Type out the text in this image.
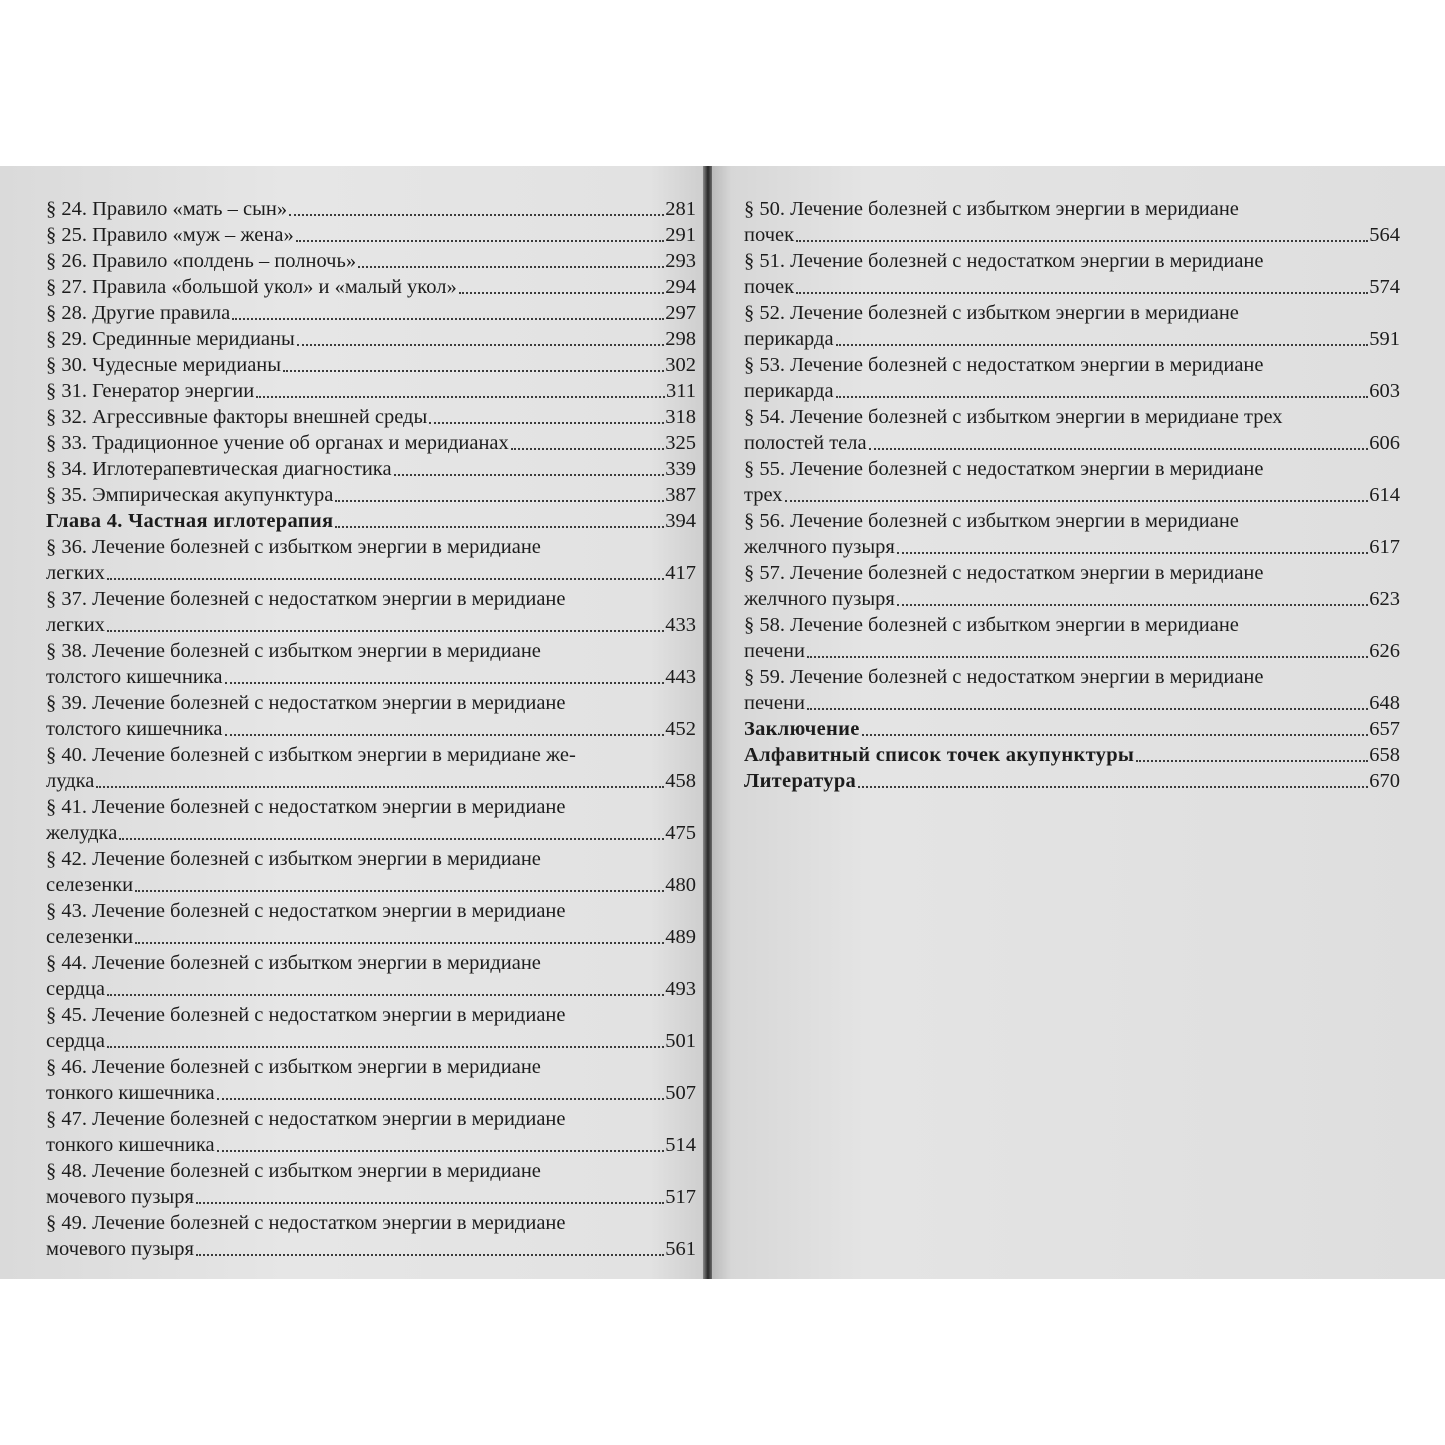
§ 24. Правило «мать – сын»	281
§ 25. Правило «муж – жена»	291
§ 26. Правило «полдень – полночь»	293
§ 27. Правила «большой укол» и «малый укол»	294
§ 28. Другие правила	297
§ 29. Срединные меридианы	298
§ 30. Чудесные меридианы	302
§ 31. Генератор энергии	311
§ 32. Агрессивные факторы внешней среды	318
§ 33. Традиционное учение об органах и меридианах	325
§ 34. Иглотерапевтическая диагностика	339
§ 35. Эмпирическая акупунктура	387
Глава 4. Частная иглотерапия	394
§ 36. Лечение болезней с избытком энергии в меридиане
легких	417
§ 37. Лечение болезней с недостатком энергии в меридиане
легких	433
§ 38. Лечение болезней с избытком энергии в меридиане
толстого кишечника	443
§ 39. Лечение болезней с недостатком энергии в меридиане
толстого кишечника	452
§ 40. Лечение болезней с избытком энергии в меридиане же-
лудка	458
§ 41. Лечение болезней с недостатком энергии в меридиане
желудка	475
§ 42. Лечение болезней с избытком энергии в меридиане
селезенки	480
§ 43. Лечение болезней с недостатком энергии в меридиане
селезенки	489
§ 44. Лечение болезней с избытком энергии в меридиане
сердца	493
§ 45. Лечение болезней с недостатком энергии в меридиане
сердца	501
§ 46. Лечение болезней с избытком энергии в меридиане
тонкого кишечника	507
§ 47. Лечение болезней с недостатком энергии в меридиане
тонкого кишечника	514
§ 48. Лечение болезней с избытком энергии в меридиане
мочевого пузыря	517
§ 49. Лечение болезней с недостатком энергии в меридиане
мочевого пузыря	561
§ 50. Лечение болезней с избытком энергии в меридиане
почек	564
§ 51. Лечение болезней с недостатком энергии в меридиане
почек	574
§ 52. Лечение болезней с избытком энергии в меридиане
перикарда	591
§ 53. Лечение болезней с недостатком энергии в меридиане
перикарда	603
§ 54. Лечение болезней с избытком энергии в меридиане трех
полостей тела	606
§ 55. Лечение болезней с недостатком энергии в меридиане
трех	614
§ 56. Лечение болезней с избытком энергии в меридиане
желчного пузыря	617
§ 57. Лечение болезней с недостатком энергии в меридиане
желчного пузыря	623
§ 58. Лечение болезней с избытком энергии в меридиане
печени	626
§ 59. Лечение болезней с недостатком энергии в меридиане
печени	648
Заключение	657
Алфавитный список точек акупунктуры	658
Литература	670
